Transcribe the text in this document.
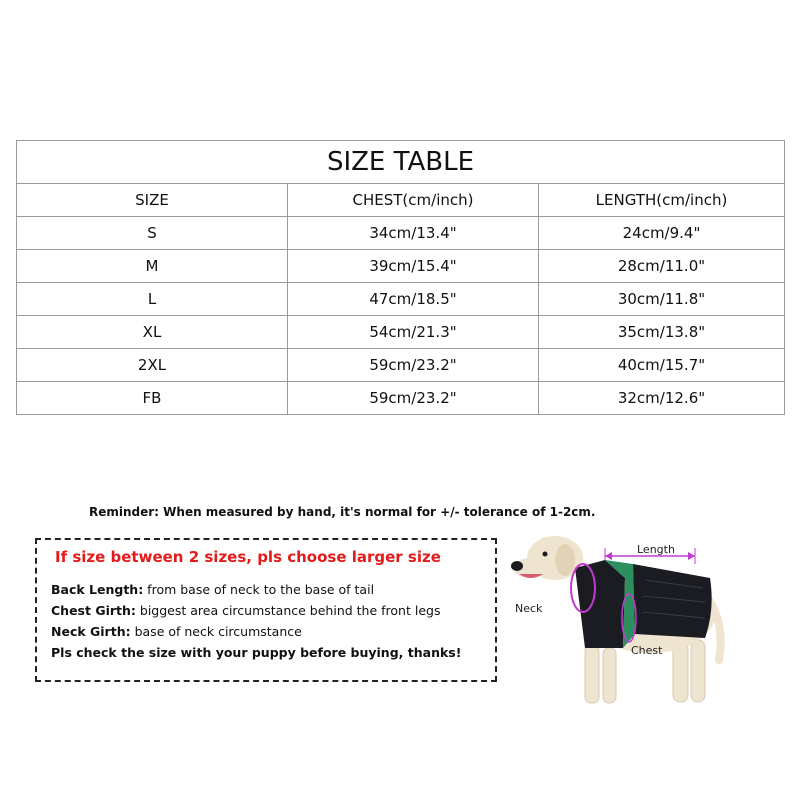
SIZE TABLE		
SIZE	CHEST(cm/inch)	LENGTH(cm/inch)
S	34cm/13.4"	24cm/9.4"
M	39cm/15.4"	28cm/11.0"
L	47cm/18.5"	30cm/11.8"
XL	54cm/21.3"	35cm/13.8"
2XL	59cm/23.2"	40cm/15.7"
FB	59cm/23.2"	32cm/12.6"
Reminder: When measured by hand, it's normal for +/- tolerance of 1-2cm.
If size between 2 sizes, pls choose larger size
Back Length: from base of neck to the base of tail
Chest Girth: biggest area circumstance behind the front legs
Neck Girth: base of neck circumstance
Pls check the size with your puppy before buying, thanks!
Length
Neck
Chest
